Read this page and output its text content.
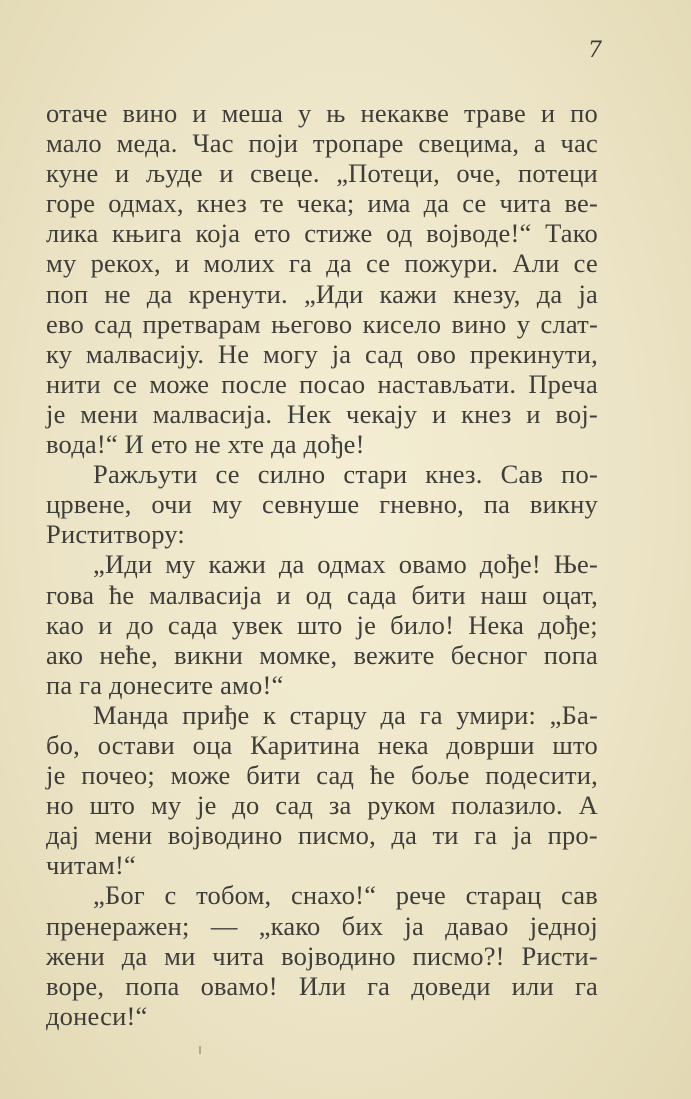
7
отаче вино и меша у њ некакве траве и по
мало меда. Час поји тропаре свецима, а час
куне и људе и свеце. „Потеци, оче, потеци
горе одмах, кнез те чека; има да се чита ве-
лика књига која ето стиже од војводе!“ Тако
му рекох, и молих га да се пожури. Али се
поп не да кренути. „Иди кажи кнезу, да ја
ево сад претварам његово кисело вино у слат-
ку малвасију. Не могу ја сад ово прекинути,
нити се може после посао настављати. Преча
је мени малвасија. Нек чекају и кнез и вој-
вода!“ И ето не хте да дође!
Ражљути се силно стари кнез. Сав по-
црвене, очи му севнуше гневно, па викну
Риститвору:
„Иди му кажи да одмах овамо дође! Ње-
гова ће малвасија и од сада бити наш оцат,
као и до сада увек што је било! Нека дође;
ако неће, викни момке, вежите бесног попа
па га донесите амо!“
Манда приђе к старцу да га умири: „Ба-
бо, остави оца Каритина нека доврши што
је почео; може бити сад ће боље подесити,
но што му је до сад за руком полазило. А
дај мени војводино писмо, да ти га ја про-
читам!“
„Бог с тобом, снахо!“ рече старац сав
пренеражен; — „како бих ја давао једној
жени да ми чита војводино писмо?! Ристи-
воре, попа овамо! Или га доведи или га
донеси!“
